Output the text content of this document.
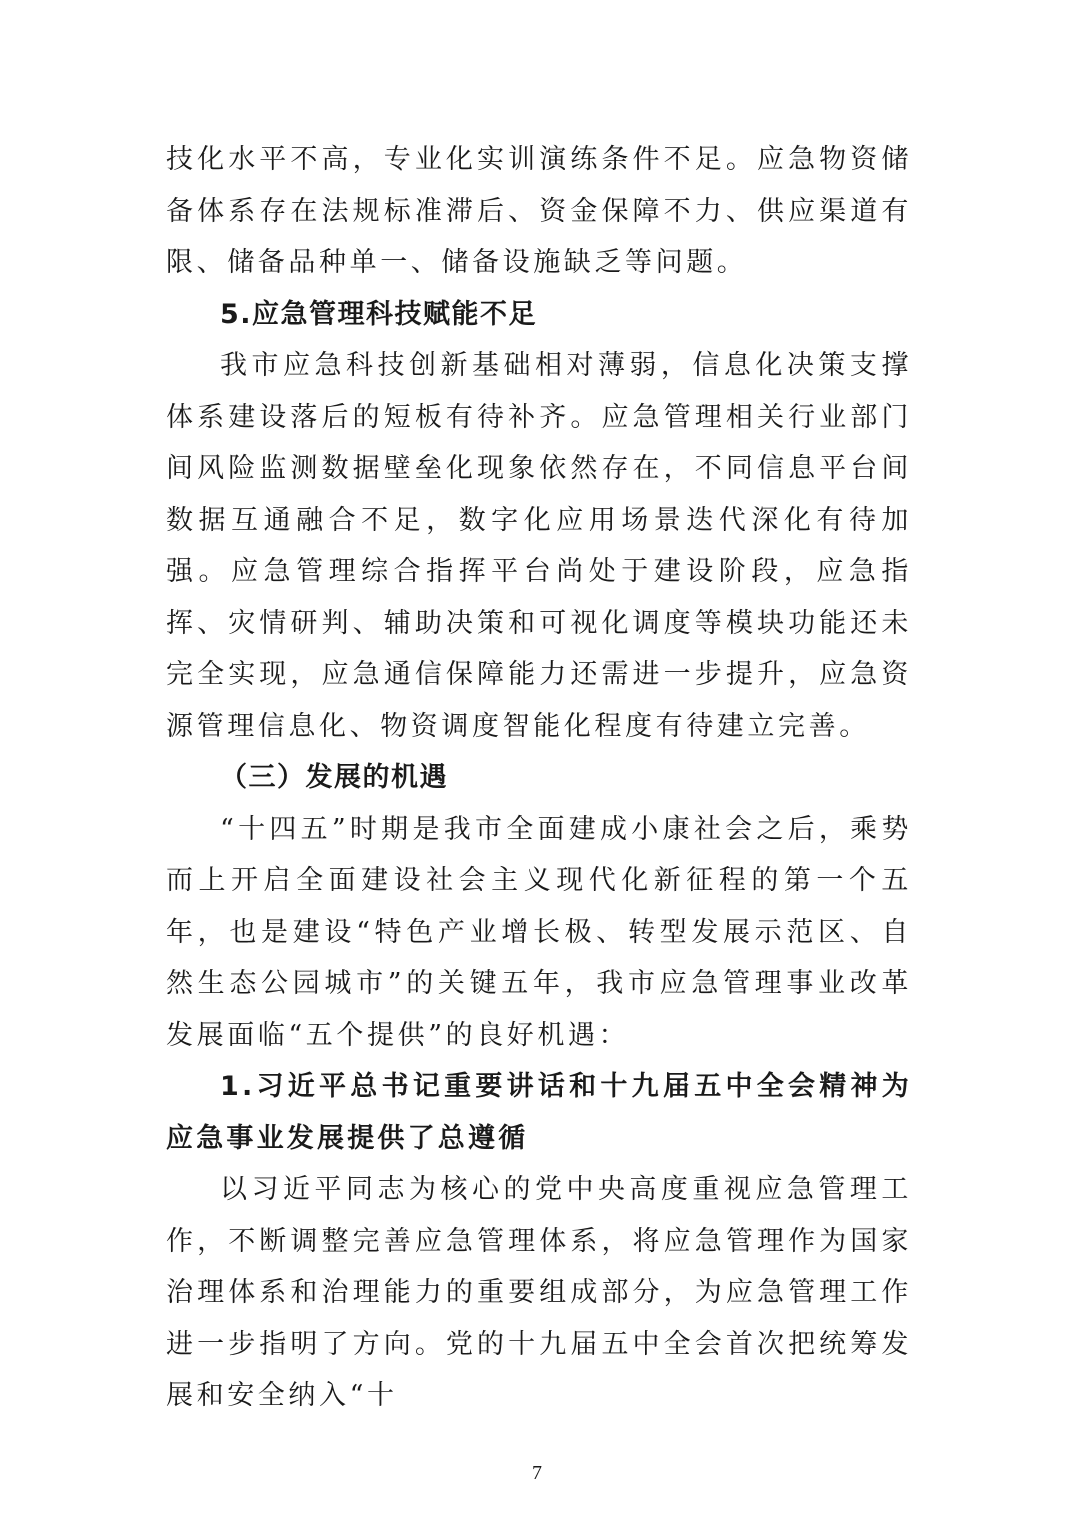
技化水平不高，专业化实训演练条件不足。应急物资储备体系存在法规标准滞后、资金保障不力、供应渠道有限、储备品种单一、储备设施缺乏等问题。

5.应急管理科技赋能不足

我市应急科技创新基础相对薄弱，信息化决策支撑体系建设落后的短板有待补齐。应急管理相关行业部门间风险监测数据壁垒化现象依然存在，不同信息平台间数据互通融合不足，数字化应用场景迭代深化有待加强。应急管理综合指挥平台尚处于建设阶段，应急指挥、灾情研判、辅助决策和可视化调度等模块功能还未完全实现，应急通信保障能力还需进一步提升，应急资源管理信息化、物资调度智能化程度有待建立完善。

（三）发展的机遇

“十四五”时期是我市全面建成小康社会之后，乘势而上开启全面建设社会主义现代化新征程的第一个五年，也是建设“特色产业增长极、转型发展示范区、自然生态公园城市”的关键五年，我市应急管理事业改革发展面临“五个提供”的良好机遇：

1.习近平总书记重要讲话和十九届五中全会精神为应急事业发展提供了总遵循

以习近平同志为核心的党中央高度重视应急管理工作，不断调整完善应急管理体系，将应急管理作为国家治理体系和治理能力的重要组成部分，为应急管理工作进一步指明了方向。党的十九届五中全会首次把统筹发展和安全纳入“十

7
